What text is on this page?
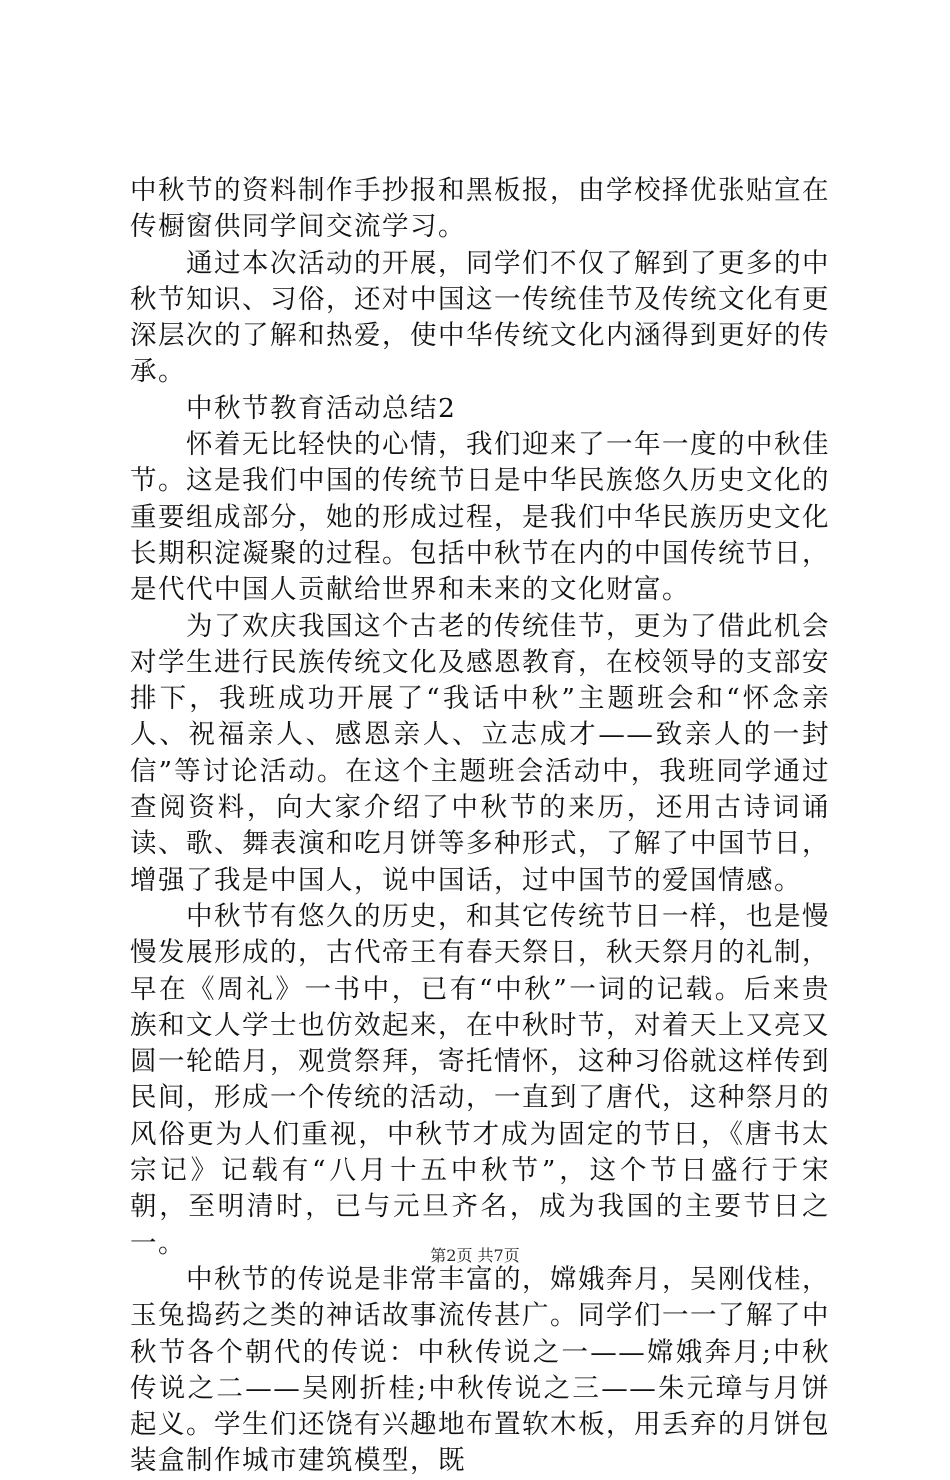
中秋节的资料制作手抄报和黑板报，由学校择优张贴宣在传橱窗供同学间交流学习。

通过本次活动的开展，同学们不仅了解到了更多的中秋节知识、习俗，还对中国这一传统佳节及传统文化有更深层次的了解和热爱，使中华传统文化内涵得到更好的传承。

中秋节教育活动总结2

怀着无比轻快的心情，我们迎来了一年一度的中秋佳节。这是我们中国的传统节日是中华民族悠久历史文化的重要组成部分，她的形成过程，是我们中华民族历史文化长期积淀凝聚的过程。包括中秋节在内的中国传统节日，是代代中国人贡献给世界和未来的文化财富。

为了欢庆我国这个古老的传统佳节，更为了借此机会对学生进行民族传统文化及感恩教育，在校领导的支部安排下，我班成功开展了“我话中秋”主题班会和“怀念亲人、祝福亲人、感恩亲人、立志成才——致亲人的一封信”等讨论活动。在这个主题班会活动中，我班同学通过查阅资料，向大家介绍了中秋节的来历，还用古诗词诵读、歌、舞表演和吃月饼等多种形式，了解了中国节日，增强了我是中国人，说中国话，过中国节的爱国情感。

中秋节有悠久的历史，和其它传统节日一样，也是慢慢发展形成的，古代帝王有春天祭日，秋天祭月的礼制，早在《周礼》一书中，已有“中秋”一词的记载。后来贵族和文人学士也仿效起来，在中秋时节，对着天上又亮又圆一轮皓月，观赏祭拜，寄托情怀，这种习俗就这样传到民间，形成一个传统的活动，一直到了唐代，这种祭月的风俗更为人们重视，中秋节才成为固定的节日，《唐书太宗记》记载有“八月十五中秋节”，这个节日盛行于宋朝，至明清时，已与元旦齐名，成为我国的主要节日之一。

中秋节的传说是非常丰富的，嫦娥奔月，吴刚伐桂，玉兔捣药之类的神话故事流传甚广。同学们一一了解了中秋节各个朝代的传说：中秋传说之一——嫦娥奔月;中秋传说之二——吴刚折桂;中秋传说之三——朱元璋与月饼起义。学生们还饶有兴趣地布置软木板，用丢弃的月饼包装盒制作城市建筑模型，既

第2页 共7页
